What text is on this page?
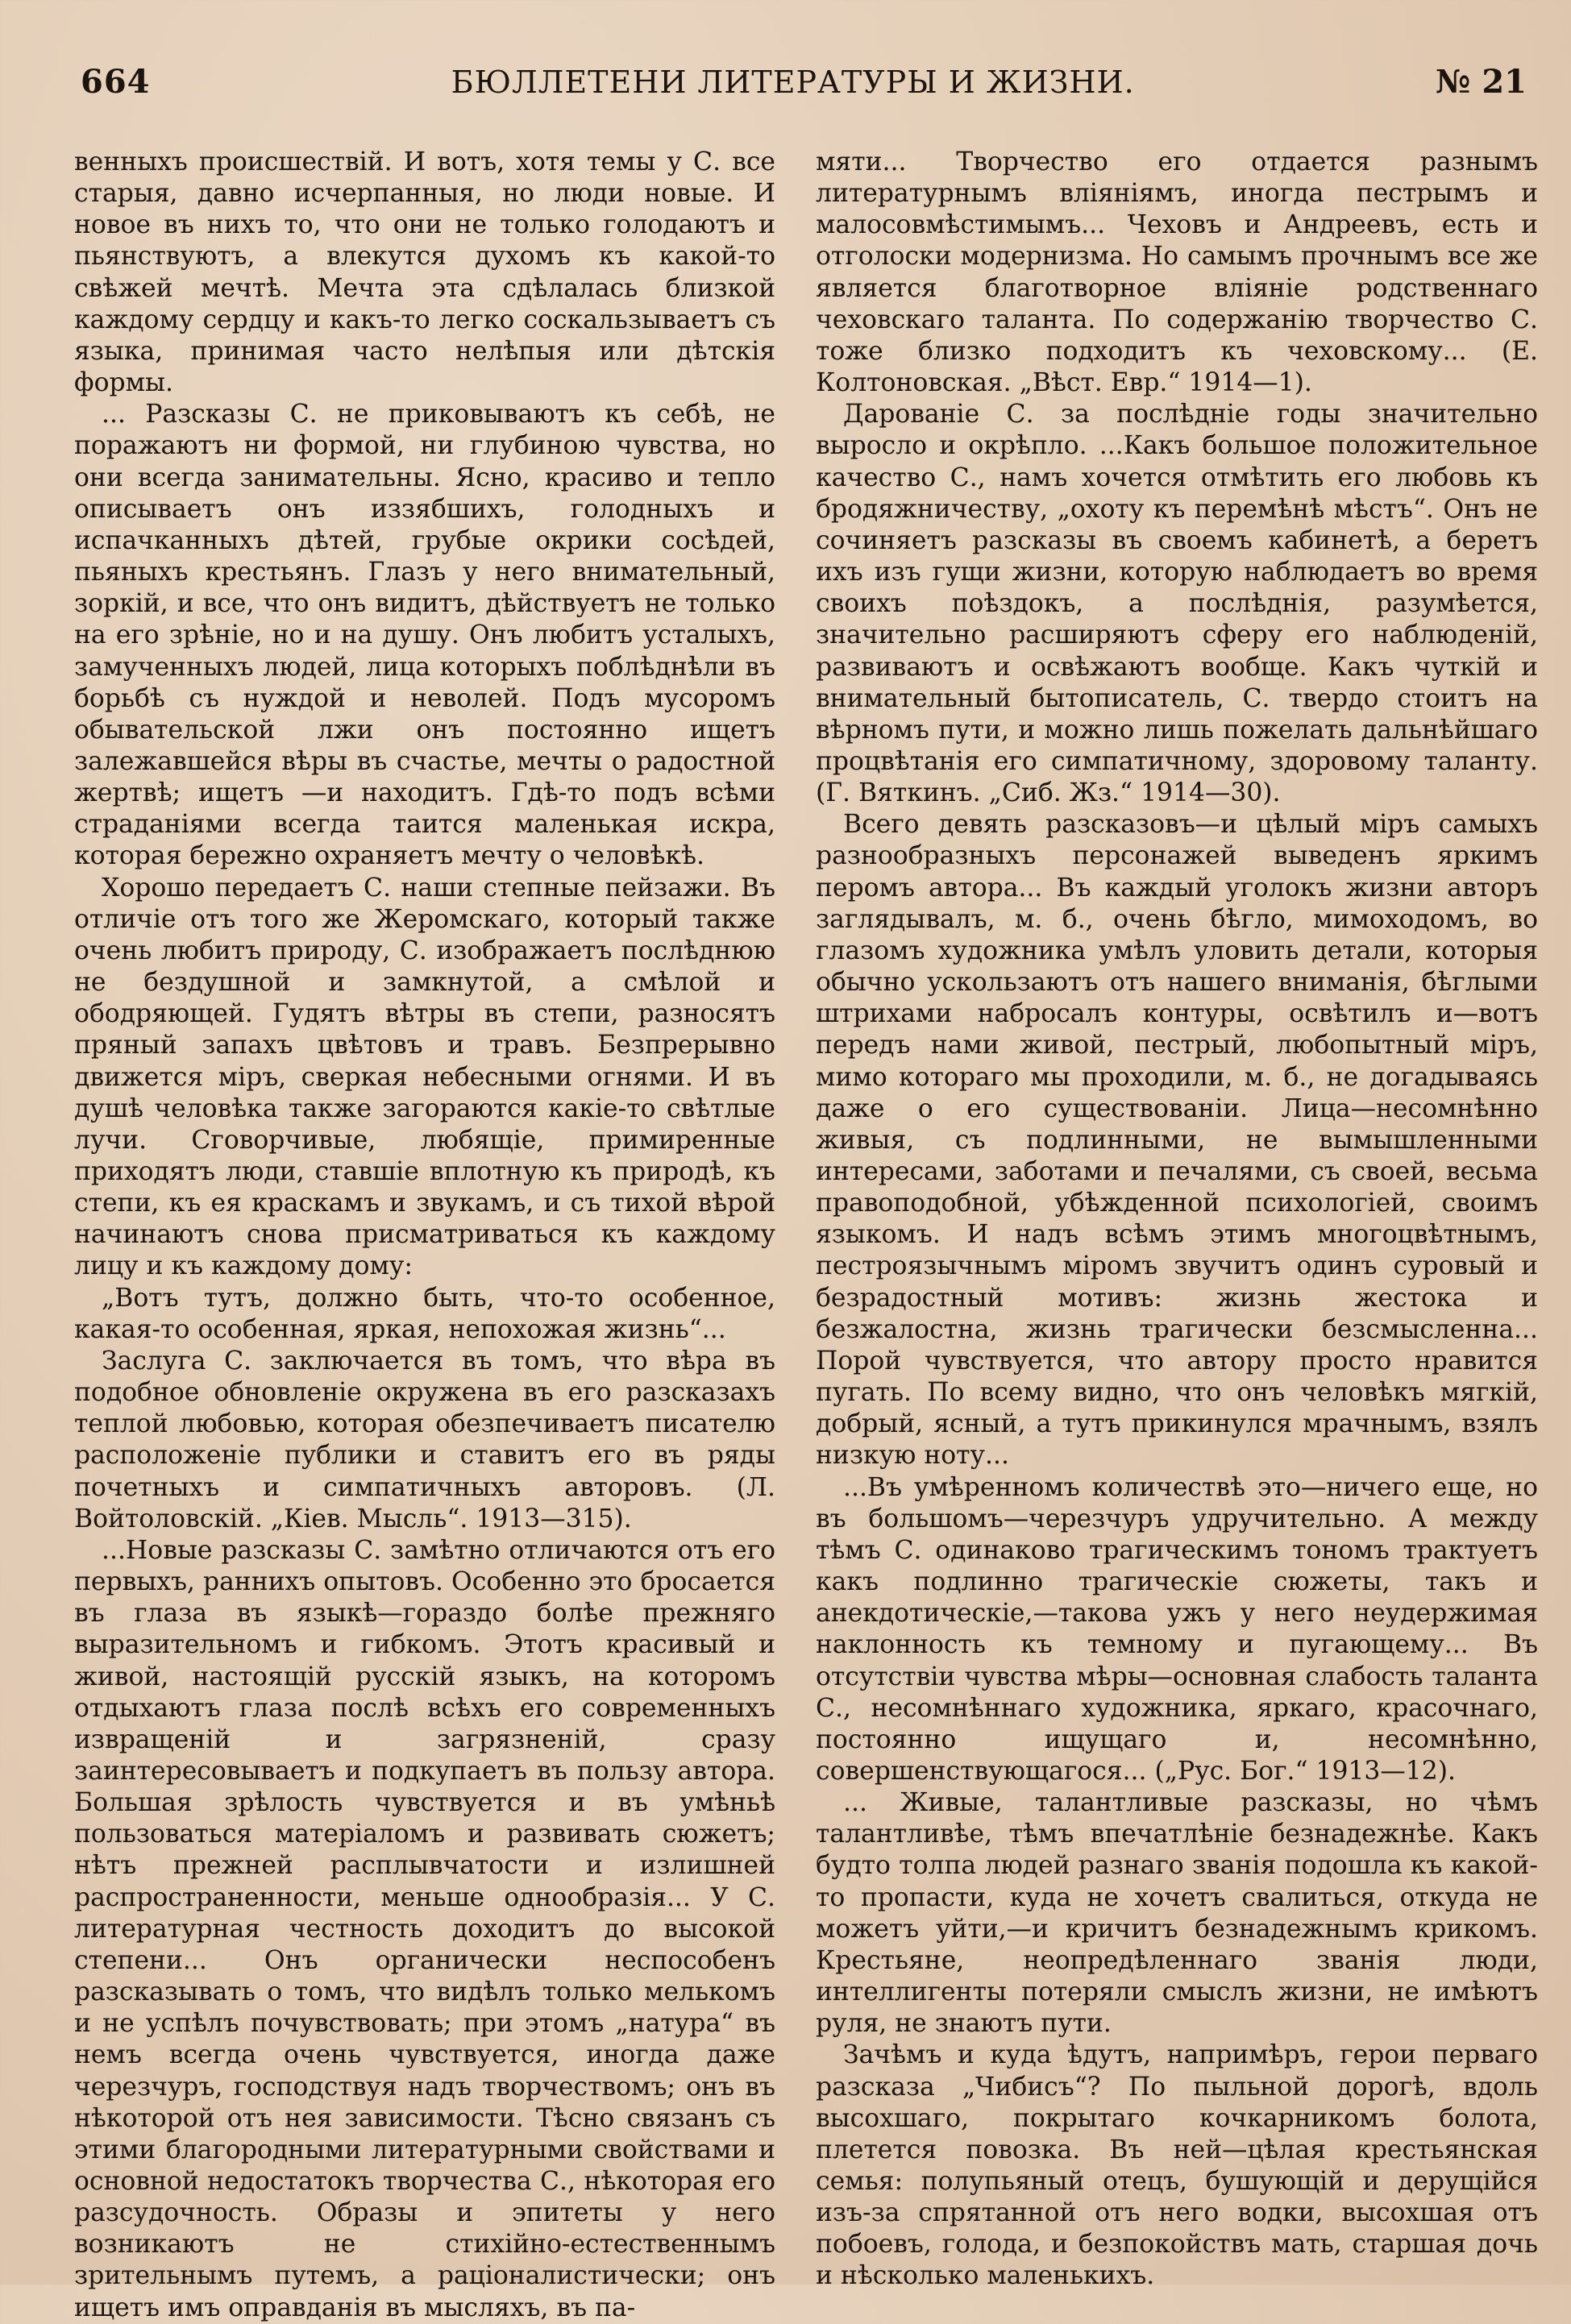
664	БЮЛЛЕТЕНИ ЛИТЕРАТУРЫ И ЖИЗНИ.	№ 21

венныхъ происшествій. И вотъ, хотя темы у С. все старыя, давно исчерпанныя, но люди новые. И новое въ нихъ то, что они не только голодаютъ и пьянствуютъ, а влекутся духомъ къ какой-то свѣжей мечтѣ. Мечта эта сдѣлалась близкой каждому сердцу и какъ-то легко соскальзываетъ съ языка, принимая часто нелѣпыя или дѣтскія формы.

... Разсказы С. не приковываютъ къ себѣ, не поражаютъ ни формой, ни глубиною чувства, но они всегда занимательны. Ясно, красиво и тепло описываетъ онъ иззябшихъ, голодныхъ и испачканныхъ дѣтей, грубые окрики сосѣдей, пьяныхъ крестьянъ. Глазъ у него внимательный, зоркій, и все, что онъ видитъ, дѣйствуетъ не только на его зрѣніе, но и на душу. Онъ любитъ усталыхъ, замученныхъ людей, лица которыхъ поблѣднѣли въ борьбѣ съ нуждой и неволей. Подъ мусоромъ обывательской лжи онъ постоянно ищетъ залежавшейся вѣры въ счастье, мечты о радостной жертвѣ; ищетъ —и находитъ. Гдѣ-то подъ всѣми страданіями всегда таится маленькая искра, которая бережно охраняетъ мечту о человѣкѣ.

Хорошо передаетъ С. наши степные пейзажи. Въ отличіе отъ того же Жеромскаго, который также очень любитъ природу, С. изображаетъ послѣднюю не бездушной и замкнутой, а смѣлой и ободряющей. Гудятъ вѣтры въ степи, разносятъ пряный запахъ цвѣтовъ и травъ. Безпрерывно движется міръ, сверкая небесными огнями. И въ душѣ человѣка также загораются какіе-то свѣтлые лучи. Сговорчивые, любящіе, примиренные приходятъ люди, ставшіе вплотную къ природѣ, къ степи, къ ея краскамъ и звукамъ, и съ тихой вѣрой начинаютъ снова присматриваться къ каждому лицу и къ каждому дому:

„Вотъ тутъ, должно быть, что-то особенное, какая-то особенная, яркая, непохожая жизнь“...

Заслуга С. заключается въ томъ, что вѣра въ подобное обновленіе окружена въ его разсказахъ теплой любовью, которая обезпечиваетъ писателю расположеніе публики и ставитъ его въ ряды почетныхъ и симпатичныхъ авторовъ. (Л. Войтоловскій. „Кіев. Мысль“. 1913—315).

...Новые разсказы С. замѣтно отличаются отъ его первыхъ, раннихъ опытовъ. Особенно это бросается въ глаза въ языкѣ—гораздо болѣе прежняго выразительномъ и гибкомъ. Этотъ красивый и живой, настоящій русскій языкъ, на которомъ отдыхаютъ глаза послѣ всѣхъ его современныхъ извращеній и загрязненій, сразу заинтересовываетъ и подкупаетъ въ пользу автора. Большая зрѣлость чувствуется и въ умѣньѣ пользоваться матеріаломъ и развивать сюжетъ; нѣтъ прежней расплывчатости и излишней распространенности, меньше однообразія... У С. литературная честность доходитъ до высокой степени... Онъ органически неспособенъ разсказывать о томъ, что видѣлъ только мелькомъ и не успѣлъ почувствовать; при этомъ „натура“ въ немъ всегда очень чувствуется, иногда даже черезчуръ, господствуя надъ творчествомъ; онъ въ нѣкоторой отъ нея зависимости. Тѣсно связанъ съ этими благородными литературными свойствами и основной недостатокъ творчества С., нѣкоторая его разсудочность. Образы и эпитеты у него возникаютъ не стихійно-естественнымъ зрительнымъ путемъ, а раціоналистически; онъ ищетъ имъ оправданія въ мысляхъ, въ па-

мяти... Творчество его отдается разнымъ литературнымъ вліяніямъ, иногда пестрымъ и малосовмѣстимымъ... Чеховъ и Андреевъ, есть и отголоски модернизма. Но самымъ прочнымъ все же является благотворное вліяніе родственнаго чеховскаго таланта. По содержанію творчество С. тоже близко подходитъ къ чеховскому... (Е. Колтоновская. „Вѣст. Евр.“ 1914—1).

Дарованіе С. за послѣдніе годы значительно выросло и окрѣпло. ...Какъ большое положительное качество С., намъ хочется отмѣтить его любовь къ бродяжничеству, „охоту къ перемѣнѣ мѣстъ“. Онъ не сочиняетъ разсказы въ своемъ кабинетѣ, а беретъ ихъ изъ гущи жизни, которую наблюдаетъ во время своихъ поѣздокъ, а послѣднія, разумѣется, значительно расширяютъ сферу его наблюденій, развиваютъ и освѣжаютъ вообще. Какъ чуткій и внимательный бытописатель, С. твердо стоитъ на вѣрномъ пути, и можно лишь пожелать дальнѣйшаго процвѣтанія его симпатичному, здоровому таланту. (Г. Вяткинъ. „Сиб. Жз.“ 1914—30).

Всего девять разсказовъ—и цѣлый міръ самыхъ разнообразныхъ персонажей выведенъ яркимъ перомъ автора... Въ каждый уголокъ жизни авторъ заглядывалъ, м. б., очень бѣгло, мимоходомъ, во глазомъ художника умѣлъ уловить детали, которыя обычно ускользаютъ отъ нашего вниманія, бѣглыми штрихами набросалъ контуры, освѣтилъ и—вотъ передъ нами живой, пестрый, любопытный міръ, мимо котораго мы проходили, м. б., не догадываясь даже о его существованіи. Лица—несомнѣнно живыя, съ подлинными, не вымышленными интересами, заботами и печалями, съ своей, весьма правоподобной, убѣжденной психологіей, своимъ языкомъ. И надъ всѣмъ этимъ многоцвѣтнымъ, пестроязычнымъ міромъ звучитъ одинъ суровый и безрадостный мотивъ: жизнь жестока и безжалостна, жизнь трагически безсмысленна... Порой чувствуется, что автору просто нравится пугать. По всему видно, что онъ человѣкъ мягкій, добрый, ясный, а тутъ прикинулся мрачнымъ, взялъ низкую ноту...

...Въ умѣренномъ количествѣ это—ничего еще, но въ большомъ—черезчуръ удручительно. А между тѣмъ С. одинаково трагическимъ тономъ трактуетъ какъ подлинно трагическіе сюжеты, такъ и анекдотическіе,—такова ужъ у него неудержимая наклонность къ темному и пугающему... Въ отсутствіи чувства мѣры—основная слабость таланта С., несомнѣннаго художника, яркаго, красочнаго, постоянно ищущаго и, несомнѣнно, совершенствующагося... („Рус. Бог.“ 1913—12).

... Живые, талантливые разсказы, но чѣмъ талантливѣе, тѣмъ впечатлѣніе безнадежнѣе. Какъ будто толпа людей разнаго званія подошла къ какой-то пропасти, куда не хочетъ свалиться, откуда не можетъ уйти,—и кричитъ безнадежнымъ крикомъ. Крестьяне, неопредѣленнаго званія люди, интеллигенты потеряли смыслъ жизни, не имѣютъ руля, не знаютъ пути.

Зачѣмъ и куда ѣдутъ, напримѣръ, герои перваго разсказа „Чибисъ“? По пыльной дорогѣ, вдоль высохшаго, покрытаго кочкарникомъ болота, плетется повозка. Въ ней—цѣлая крестьянская семья: полупьяный отецъ, бушующій и дерущійся изъ-за спрятанной отъ него водки, высохшая отъ побоевъ, голода, и безпокойствъ мать, старшая дочь и нѣсколько маленькихъ.
